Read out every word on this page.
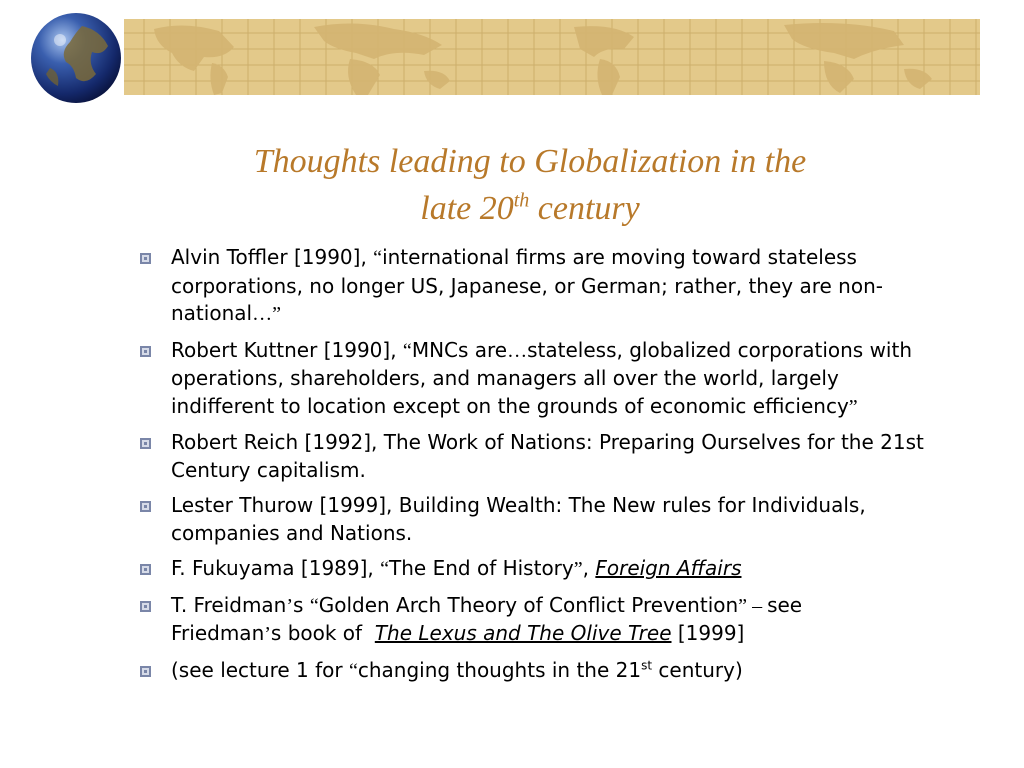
Thoughts leading to Globalization in the
late 20th century
Alvin Toffler [1990], “international firms are moving toward stateless corporations, no longer US, Japanese, or German; rather, they are non-national…”
Robert Kuttner [1990], “MNCs are…stateless, globalized corporations with operations, shareholders, and managers all over the world, largely indifferent to location except on the grounds of economic efficiency”
Robert Reich [1992], The Work of Nations: Preparing Ourselves for the 21st Century capitalism.
Lester Thurow [1999], Building Wealth: The New rules for Individuals, companies and Nations.
F. Fukuyama [1989], “The End of History”, Foreign Affairs
T. Freidman’s “Golden Arch Theory of Conflict Prevention” – see Friedman’s book of  The Lexus and The Olive Tree [1999]
(see lecture 1 for “changing thoughts in the 21st century)
